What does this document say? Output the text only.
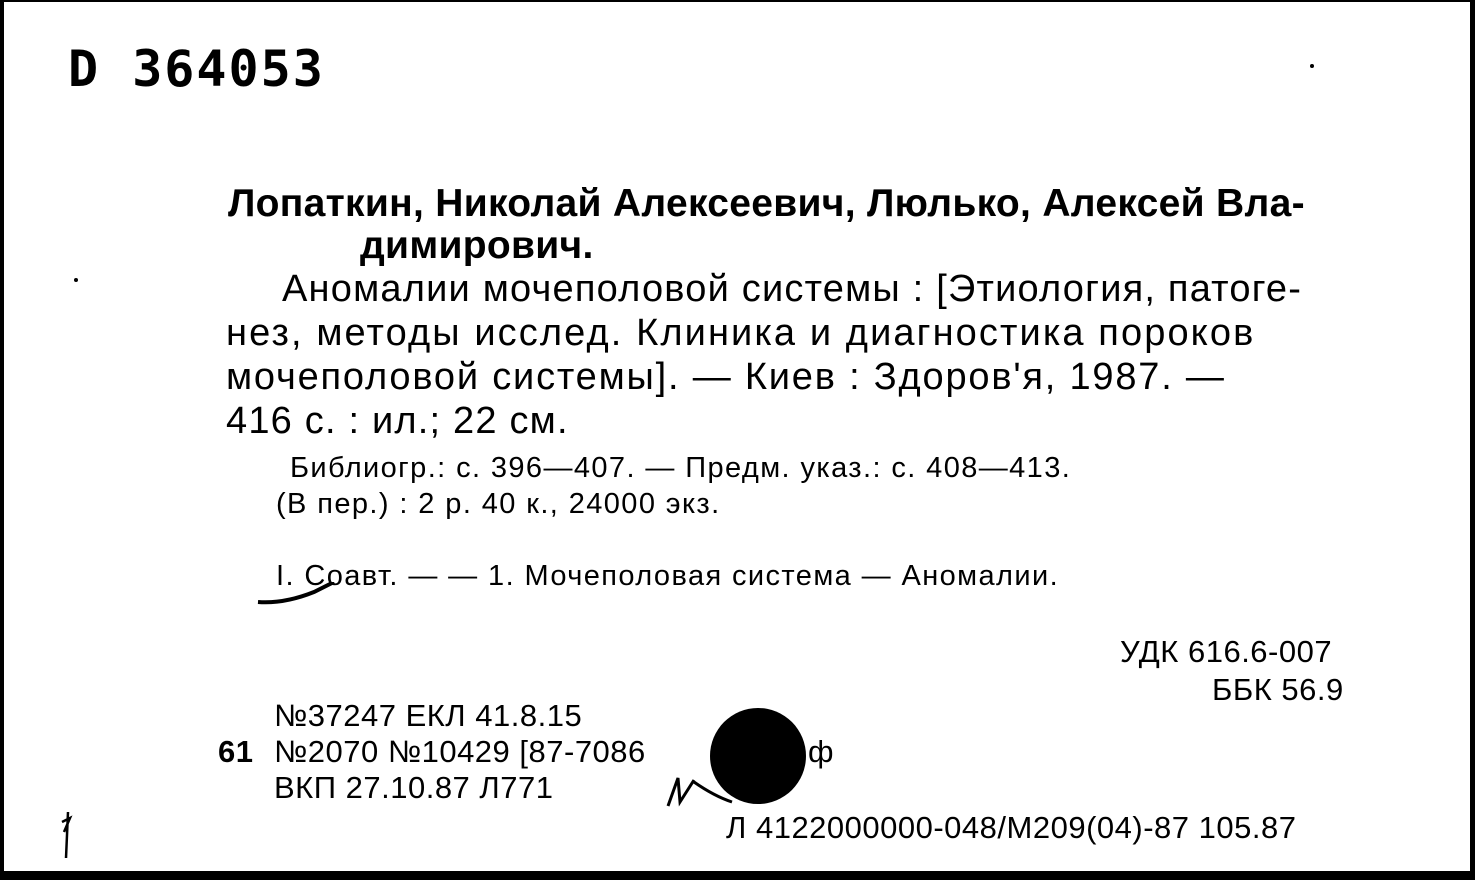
D 364053
Лопаткин, Николай Алексеевич, Люлько, Алексей Вла-
димирович.
Аномалии мочеполовой системы : [Этиология, патоге-
нез, методы исслед. Клиника и диагностика пороков
мочеполовой системы]. — Киев : Здоров'я, 1987. —
416 с. : ил.; 22 см.
Библиогр.: с. 396—407. — Предм. указ.: с. 408—413.
(В пер.) : 2 р. 40 к., 24000 экз.
I. Соавт. — — 1. Мочеполовая система — Аномалии.
УДК 616.6-007
ББК 56.9
№37247 ЕКЛ 41.8.15
61 №2070 №10429 [87-7086	ф
ВКП 27.10.87 Л771
Л 4122000000-048/М209(04)-87 105.87
